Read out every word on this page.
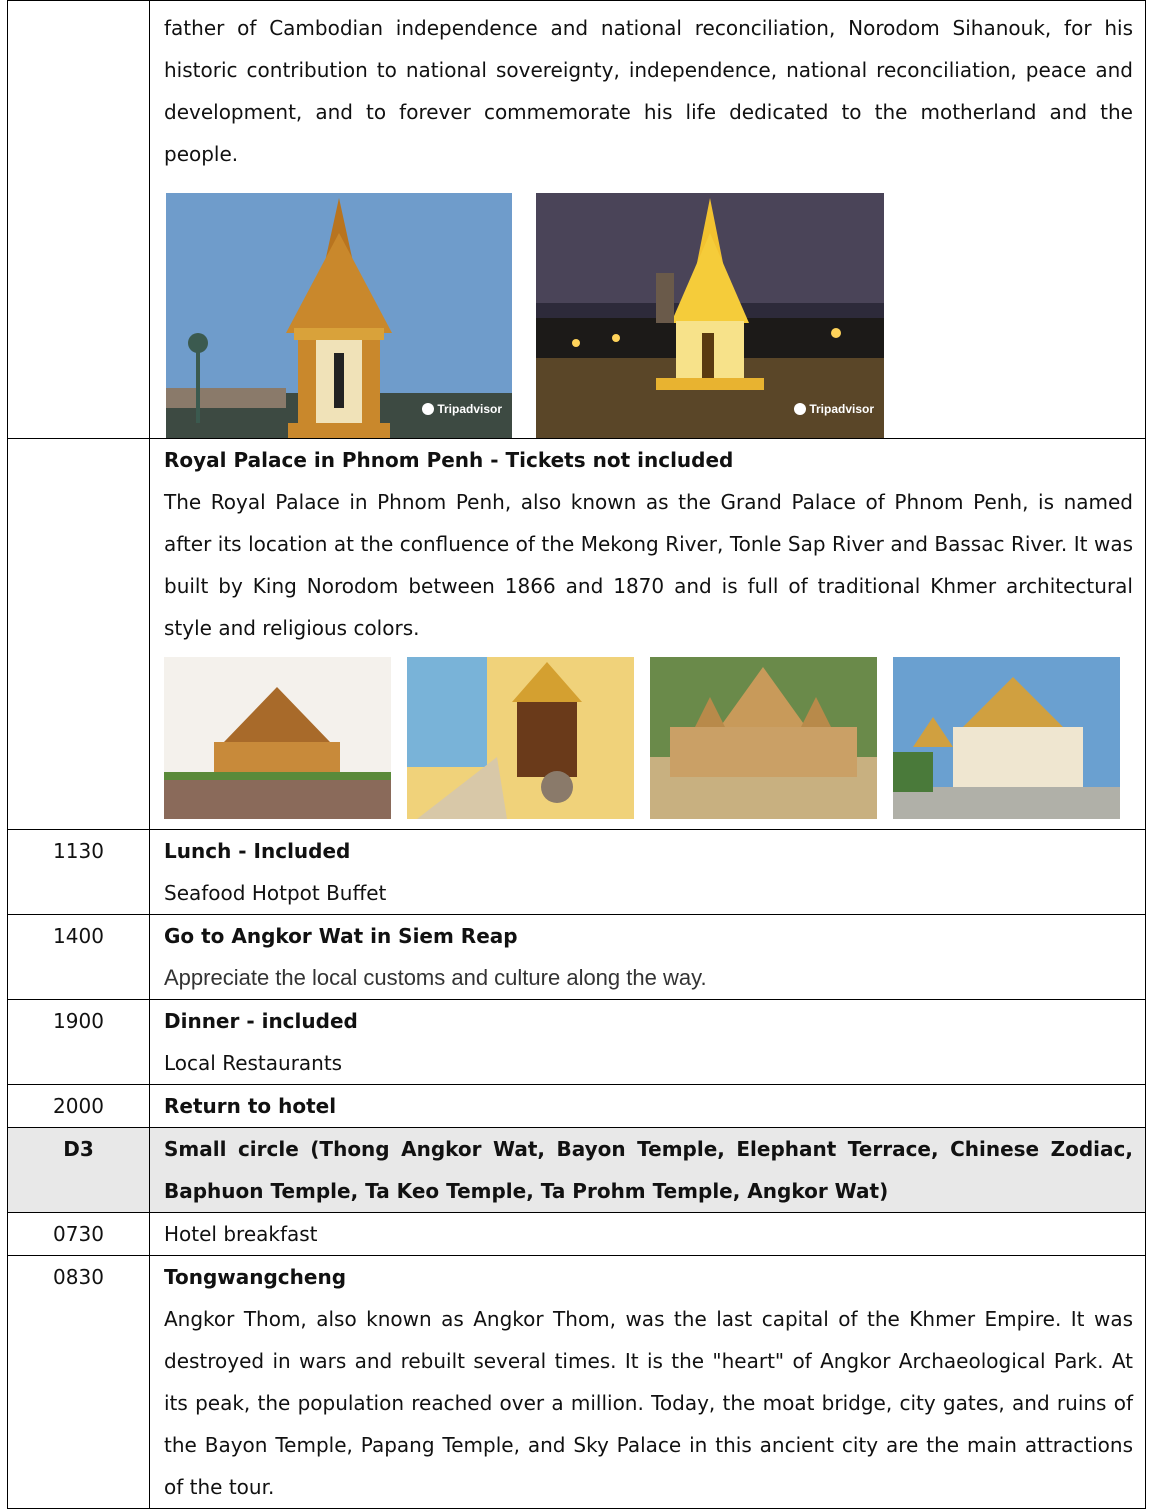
	father of Cambodian independence and national reconciliation, Norodom Sihanouk, for his historic contribution to national sovereignty, independence, national reconciliation, peace and development, and to forever commemorate his life dedicated to the motherland and the people.
Tripadvisor Tripadvisor

	Royal Palace in Phnom Penh - Tickets not included
The Royal Palace in Phnom Penh, also known as the Grand Palace of Phnom Penh, is named after its location at the confluence of the Mekong River, Tonle Sap River and Bassac River. It was built by King Norodom between 1866 and 1870 and is full of traditional Khmer architectural style and religious colors.

1130	Lunch - Included
Seafood Hotpot Buffet

1400	Go to Angkor Wat in Siem Reap
Appreciate the local customs and culture along the way.

1900	Dinner - included
Local Restaurants

2000	Return to hotel

D3	Small circle (Thong Angkor Wat, Bayon Temple, Elephant Terrace, Chinese Zodiac, Baphuon Temple, Ta Keo Temple, Ta Prohm Temple, Angkor Wat)

0730	Hotel breakfast

0830	Tongwangcheng
Angkor Thom, also known as Angkor Thom, was the last capital of the Khmer Empire. It was destroyed in wars and rebuilt several times. It is the "heart" of Angkor Archaeological Park. At its peak, the population reached over a million. Today, the moat bridge, city gates, and ruins of the Bayon Temple, Papang Temple, and Sky Palace in this ancient city are the main attractions of the tour.
